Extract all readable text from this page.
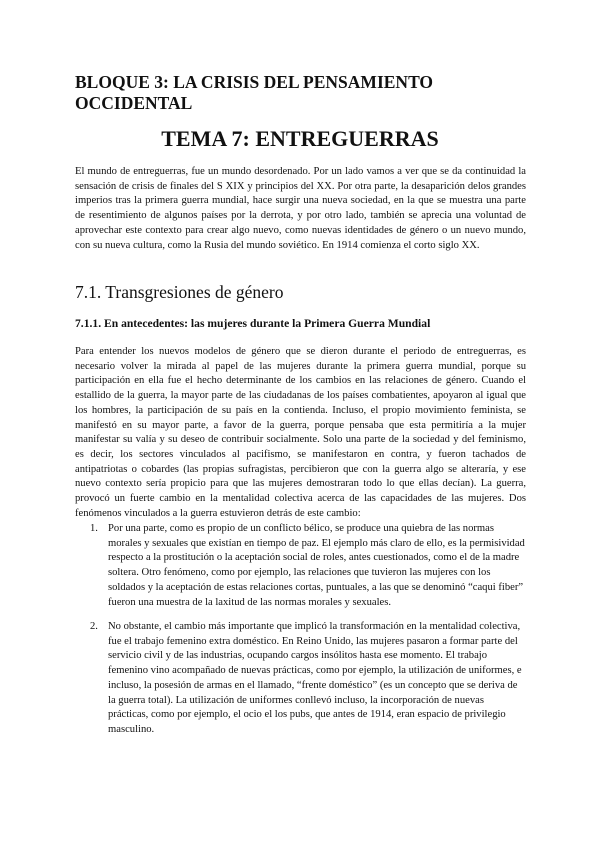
BLOQUE 3: LA CRISIS DEL PENSAMIENTO OCCIDENTAL
TEMA 7: ENTREGUERRAS

El mundo de entreguerras, fue un mundo desordenado. Por un lado vamos a ver que se da continuidad la sensación de crisis de finales del S XIX y principios del XX. Por otra parte, la desaparición delos grandes imperios tras la primera guerra mundial, hace surgir una nueva sociedad, en la que se muestra una parte de resentimiento de algunos países por la derrota, y por otro lado, también se aprecia una voluntad de aprovechar este contexto para crear algo nuevo, como nuevas identidades de género o un nuevo mundo, con su nueva cultura, como la Rusia del mundo soviético. En 1914 comienza el corto siglo XX.

7.1. Transgresiones de género
7.1.1. En antecedentes: las mujeres durante la Primera Guerra Mundial

Para entender los nuevos modelos de género que se dieron durante el periodo de entreguerras, es necesario volver la mirada al papel de las mujeres durante la primera guerra mundial, porque su participación en ella fue el hecho determinante de los cambios en las relaciones de género. Cuando el estallido de la guerra, la mayor parte de las ciudadanas de los países combatientes, apoyaron al igual que los hombres, la participación de su país en la contienda. Incluso, el propio movimiento feminista, se manifestó en su mayor parte, a favor de la guerra, porque pensaba que esta permitiría a la mujer manifestar su valía y su deseo de contribuir socialmente. Solo una parte de la sociedad y del feminismo, es decir, los sectores vinculados al pacifismo, se manifestaron en contra, y fueron tachados de antipatriotas o cobardes (las propias sufragistas, percibieron que con la guerra algo se alteraría, y ese nuevo contexto sería propicio para que las mujeres demostraran todo lo que ellas decían). La guerra, provocó un fuerte cambio en la mentalidad colectiva acerca de las capacidades de las mujeres. Dos fenómenos vinculados a la guerra estuvieron detrás de este cambio:

1. Por una parte, como es propio de un conflicto bélico, se produce una quiebra de las normas morales y sexuales que existían en tiempo de paz. El ejemplo más claro de ello, es la permisividad respecto a la prostitución o la aceptación social de roles, antes cuestionados, como el de la madre soltera. Otro fenómeno, como por ejemplo, las relaciones que tuvieron las mujeres con los soldados y la aceptación de estas relaciones cortas, puntuales, a las que se denominó “caqui fiber” fueron una muestra de la laxitud de las normas morales y sexuales.

2. No obstante, el cambio más importante que implicó la transformación en la mentalidad colectiva, fue el trabajo femenino extra doméstico. En Reino Unido, las mujeres pasaron a formar parte del servicio civil y de las industrias, ocupando cargos insólitos hasta ese momento. El trabajo femenino vino acompañado de nuevas prácticas, como por ejemplo, la utilización de uniformes, e incluso, la posesión de armas en el llamado, “frente doméstico” (es un concepto que se deriva de la guerra total). La utilización de uniformes conllevó incluso, la incorporación de nuevas prácticas, como por ejemplo, el ocio el los pubs, que antes de 1914, eran espacio de privilegio masculino.
